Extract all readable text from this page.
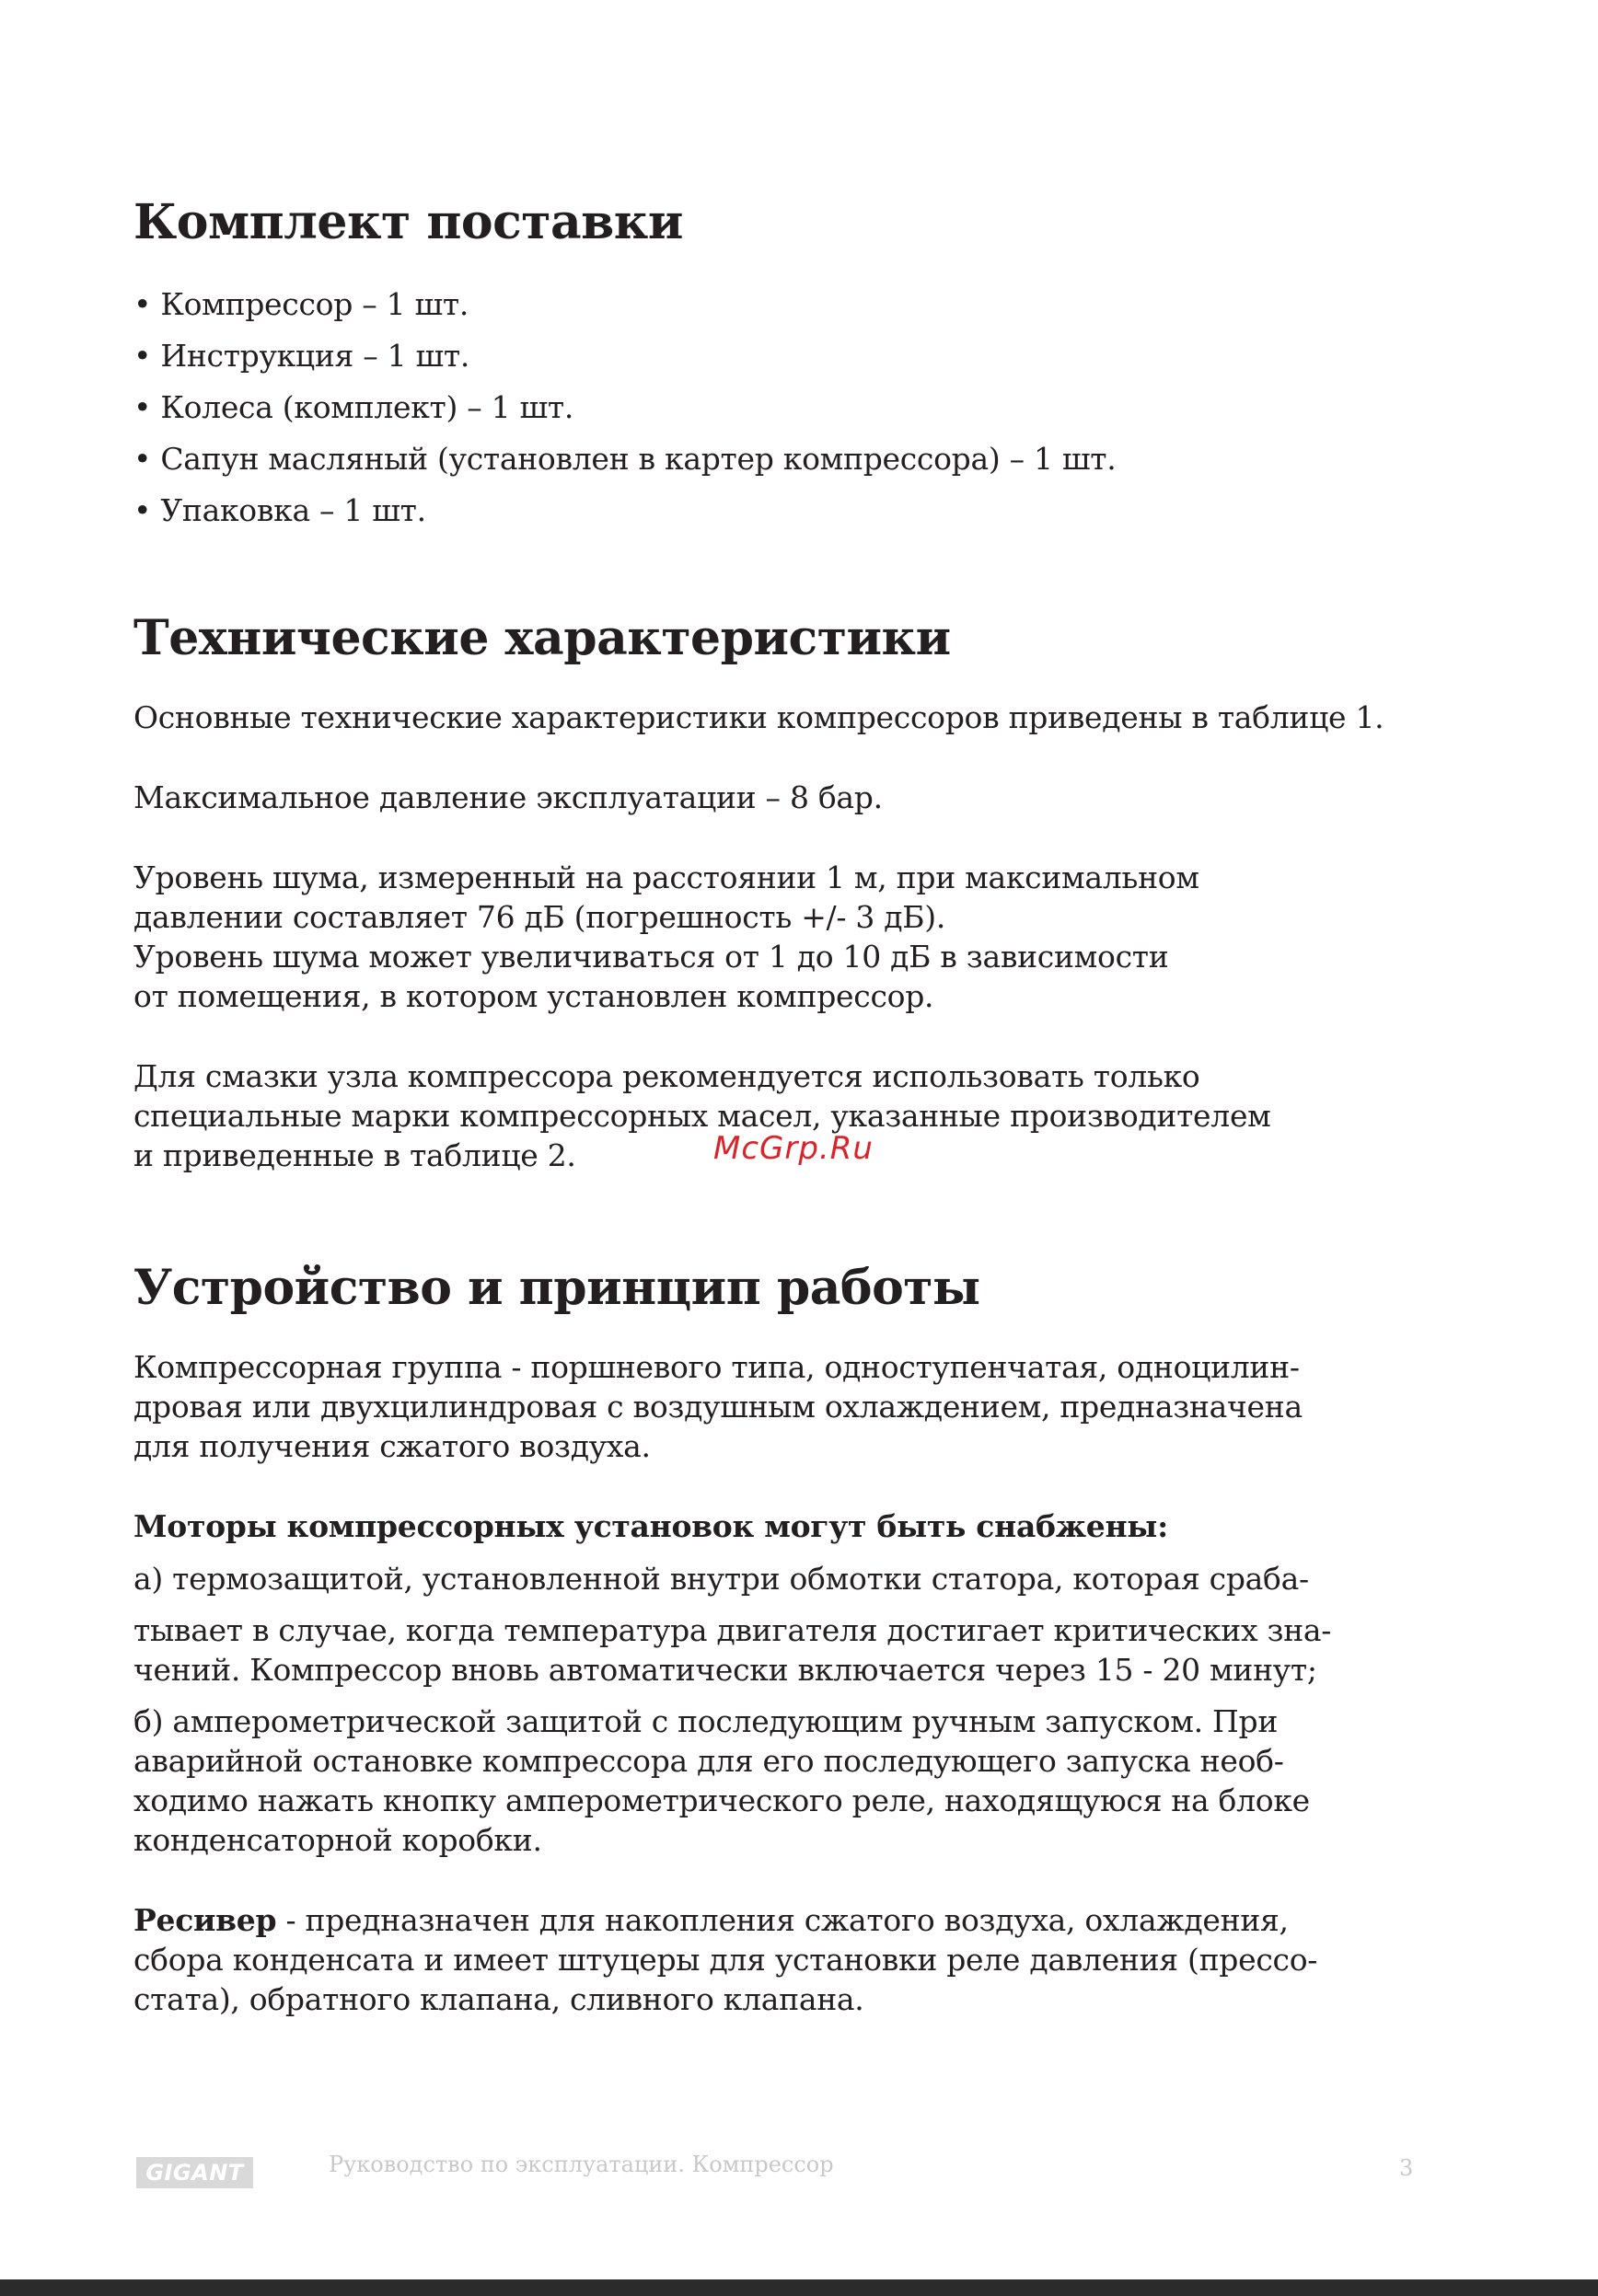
Комплект поставки
• Компрессор – 1 шт.
• Инструкция – 1 шт.
• Колеса (комплект) – 1 шт.
• Сапун масляный (установлен в картер компрессора) – 1 шт.
• Упаковка – 1 шт.
Технические характеристики
Основные технические характеристики компрессоров приведены в таблице 1.
Максимальное давление эксплуатации – 8 бар.
Уровень шума, измеренный на расстоянии 1 м, при максимальном
давлении составляет 76 дБ (погрешность +/- 3 дБ).
Уровень шума может увеличиваться от 1 до 10 дБ в зависимости
от помещения, в котором установлен компрессор.
Для смазки узла компрессора рекомендуется использовать только
специальные марки компрессорных масел, указанные производителем
и приведенные в таблице 2.
Устройство и принцип работы
Компрессорная группа - поршневого типа, одноступенчатая, одноцилин-
дровая или двухцилиндровая с воздушным охлаждением, предназначена
для получения сжатого воздуха.
Моторы компрессорных установок могут быть снабжены:
а) термозащитой, установленной внутри обмотки статора, которая сраба-
тывает в случае, когда температура двигателя достигает критических зна-
чений. Компрессор вновь автоматически включается через 15 - 20 минут;
б) амперометрической защитой с последующим ручным запуском. При
аварийной остановке компрессора для его последующего запуска необ-
ходимо нажать кнопку амперометрического реле, находящуюся на блоке
конденсаторной коробки.
Ресивер - предназначен для накопления сжатого воздуха, охлаждения,
сбора конденсата и имеет штуцеры для установки реле давления (прессо-
стата), обратного клапана, сливного клапана.
McGrp.Ru
GIGANT	Руководство по эксплуатации. Компрессор	3
